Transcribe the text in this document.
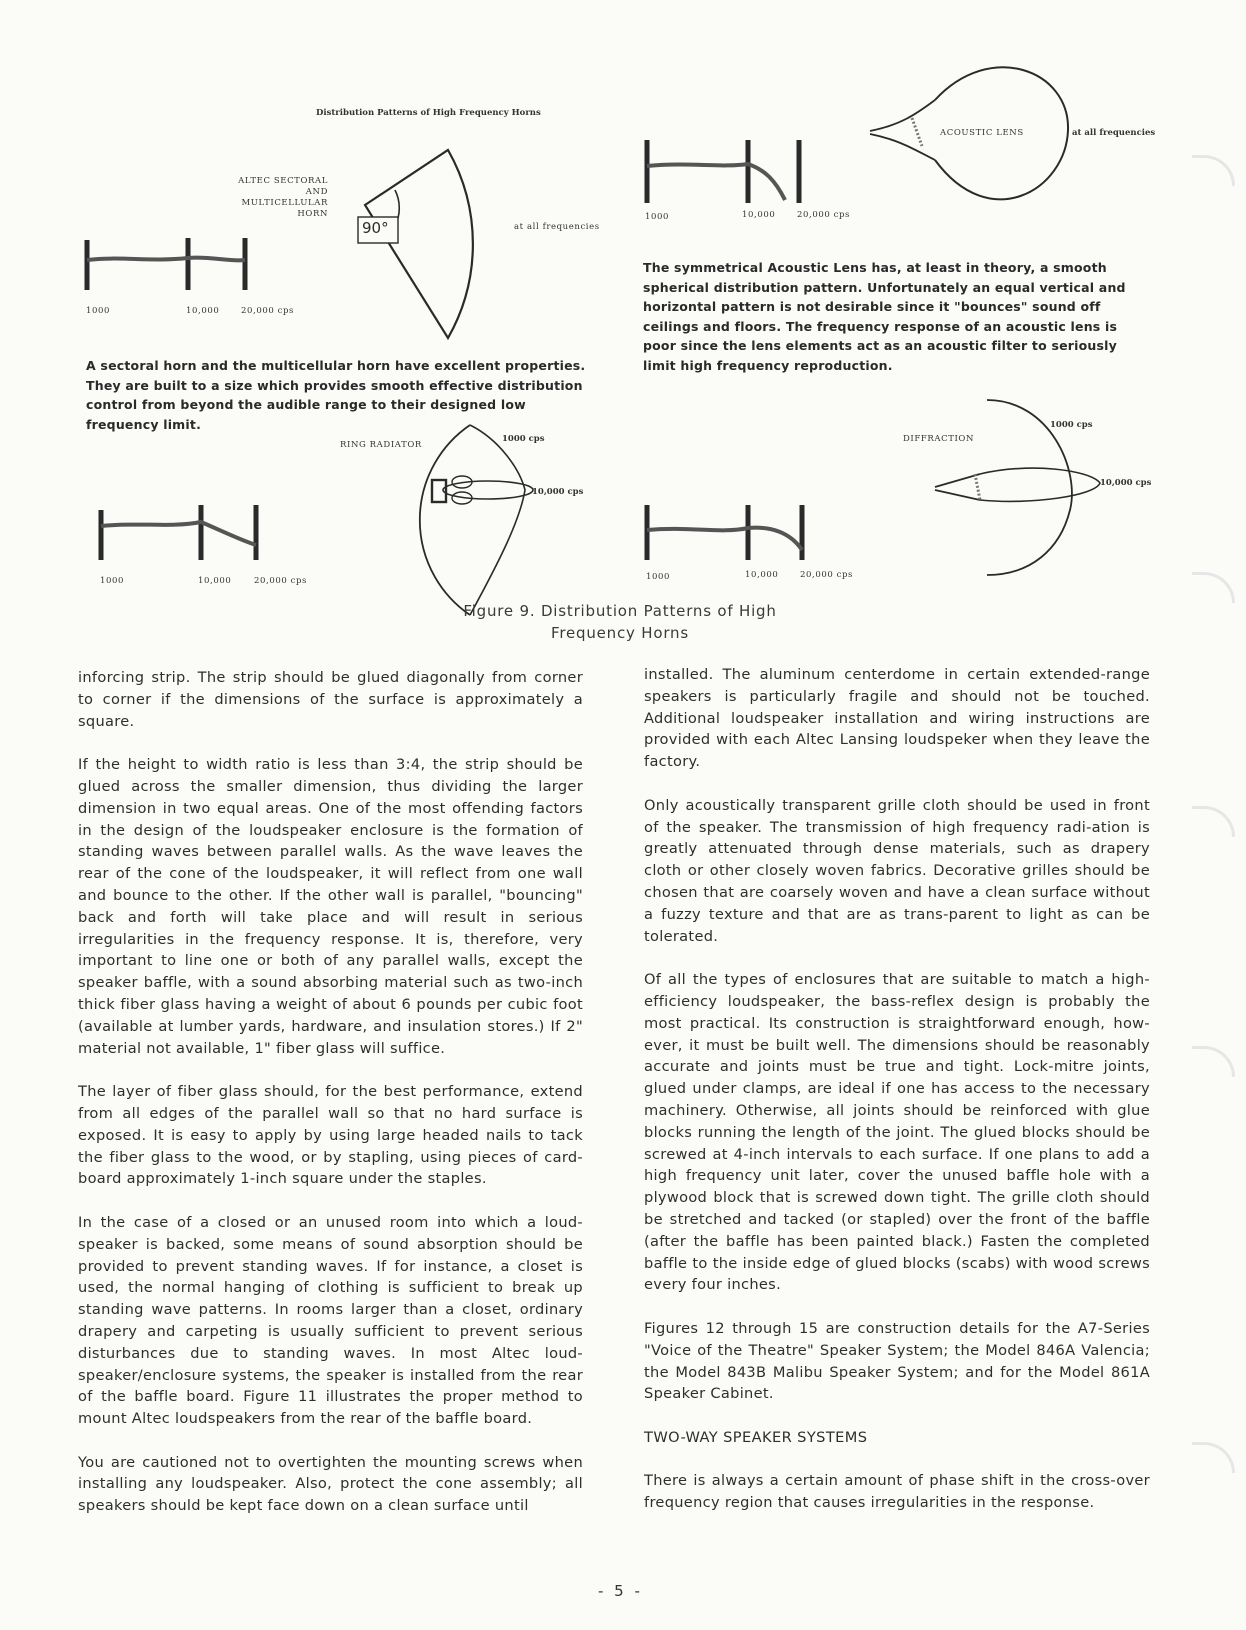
Distribution Patterns of High Frequency Horns
ALTEC SECTORAL AND
MULTICELLULAR HORN
90°	at all frequencies
1000	10,000	20,000 cps
A sectoral horn and the multicellular horn have excellent properties. They are built to a size which provides smooth effective distribution control from beyond the audible range to their designed low frequency limit.
ACOUSTIC LENS	at all frequencies
1000	10,000	20,000 cps
The symmetrical Acoustic Lens has, at least in theory, a smooth spherical distribution pattern. Unfortunately an equal vertical and horizontal pattern is not desirable since it "bounces" sound off ceilings and floors. The frequency response of an acoustic lens is poor since the lens elements act as an acoustic filter to seriously limit high frequency reproduction.
RING RADIATOR
1000 cps
10,000 cps
1000	10,000	20,000 cps
DIFFRACTION
1000 cps
10,000 cps
1000	10,000	20,000 cps
Figure 9. Distribution Patterns of High
Frequency Horns

inforcing strip. The strip should be glued diagonally from corner to corner if the dimensions of the surface is approximately a square.

If the height to width ratio is less than 3:4, the strip should be glued across the smaller dimension, thus dividing the larger dimension in two equal areas. One of the most offending factors in the design of the loudspeaker enclosure is the formation of standing waves between parallel walls. As the wave leaves the rear of the cone of the loudspeaker, it will reflect from one wall and bounce to the other. If the other wall is parallel, "bouncing" back and forth will take place and will result in serious irregularities in the frequency response. It is, therefore, very important to line one or both of any parallel walls, except the speaker baffle, with a sound absorbing material such as two-inch thick fiber glass having a weight of about 6 pounds per cubic foot (available at lumber yards, hardware, and insulation stores.) If 2" material not available, 1" fiber glass will suffice.

The layer of fiber glass should, for the best performance, extend from all edges of the parallel wall so that no hard surface is exposed. It is easy to apply by using large headed nails to tack the fiber glass to the wood, or by stapling, using pieces of card-board approximately 1-inch square under the staples.

In the case of a closed or an unused room into which a loud-speaker is backed, some means of sound absorption should be provided to prevent standing waves. If for instance, a closet is used, the normal hanging of clothing is sufficient to break up standing wave patterns. In rooms larger than a closet, ordinary drapery and carpeting is usually sufficient to prevent serious disturbances due to standing waves. In most Altec loud-speaker/enclosure systems, the speaker is installed from the rear of the baffle board. Figure 11 illustrates the proper method to mount Altec loudspeakers from the rear of the baffle board.

You are cautioned not to overtighten the mounting screws when installing any loudspeaker. Also, protect the cone assembly; all speakers should be kept face down on a clean surface until

installed. The aluminum centerdome in certain extended-range speakers is particularly fragile and should not be touched. Additional loudspeaker installation and wiring instructions are provided with each Altec Lansing loudspeker when they leave the factory.

Only acoustically transparent grille cloth should be used in front of the speaker. The transmission of high frequency radi-ation is greatly attenuated through dense materials, such as drapery cloth or other closely woven fabrics. Decorative grilles should be chosen that are coarsely woven and have a clean surface without a fuzzy texture and that are as trans-parent to light as can be tolerated.

Of all the types of enclosures that are suitable to match a high-efficiency loudspeaker, the bass-reflex design is probably the most practical. Its construction is straightforward enough, how-ever, it must be built well. The dimensions should be reasonably accurate and joints must be true and tight. Lock-mitre joints, glued under clamps, are ideal if one has access to the necessary machinery. Otherwise, all joints should be reinforced with glue blocks running the length of the joint. The glued blocks should be screwed at 4-inch intervals to each surface. If one plans to add a high frequency unit later, cover the unused baffle hole with a plywood block that is screwed down tight. The grille cloth should be stretched and tacked (or stapled) over the front of the baffle (after the baffle has been painted black.) Fasten the completed baffle to the inside edge of glued blocks (scabs) with wood screws every four inches.

Figures 12 through 15 are construction details for the A7-Series "Voice of the Theatre" Speaker System; the Model 846A Valencia; the Model 843B Malibu Speaker System; and for the Model 861A Speaker Cabinet.

TWO-WAY SPEAKER SYSTEMS

There is always a certain amount of phase shift in the cross-over frequency region that causes irregularities in the response.

- 5 -
